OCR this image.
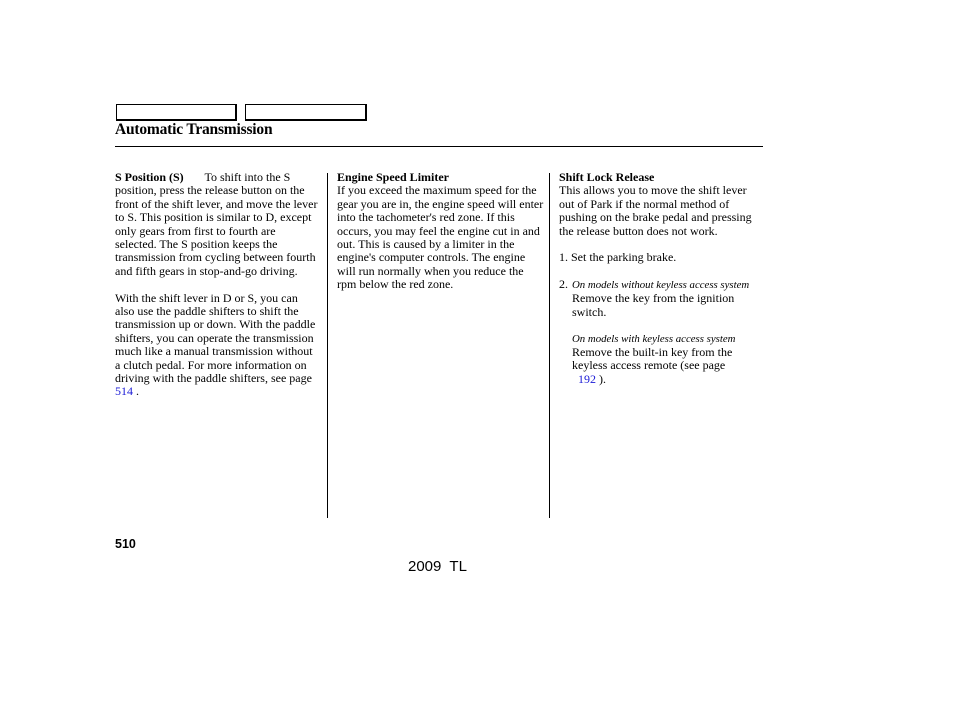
Automatic Transmission

S Position (S) To shift into the S position, press the release button on the front of the shift lever, and move the lever to S. This position is similar to D, except only gears from first to fourth are selected. The S position keeps the transmission from cycling between fourth and fifth gears in stop-and-go driving.

With the shift lever in D or S, you can also use the paddle shifters to shift the transmission up or down. With the paddle shifters, you can operate the transmission much like a manual transmission without a clutch pedal. For more information on driving with the paddle shifters, see page 514 .

Engine Speed Limiter

If you exceed the maximum speed for the gear you are in, the engine speed will enter into the tachometer's red zone. If this occurs, you may feel the engine cut in and out. This is caused by a limiter in the engine's computer controls. The engine will run normally when you reduce the rpm below the red zone.

Shift Lock Release

This allows you to move the shift lever out of Park if the normal method of pushing on the brake pedal and pressing the release button does not work.

1. Set the parking brake.

2. On models without keyless access system

Remove the key from the ignition switch.

On models with keyless access system

Remove the built-in key from the keyless access remote (see page
192 ).

510
2009  TL
